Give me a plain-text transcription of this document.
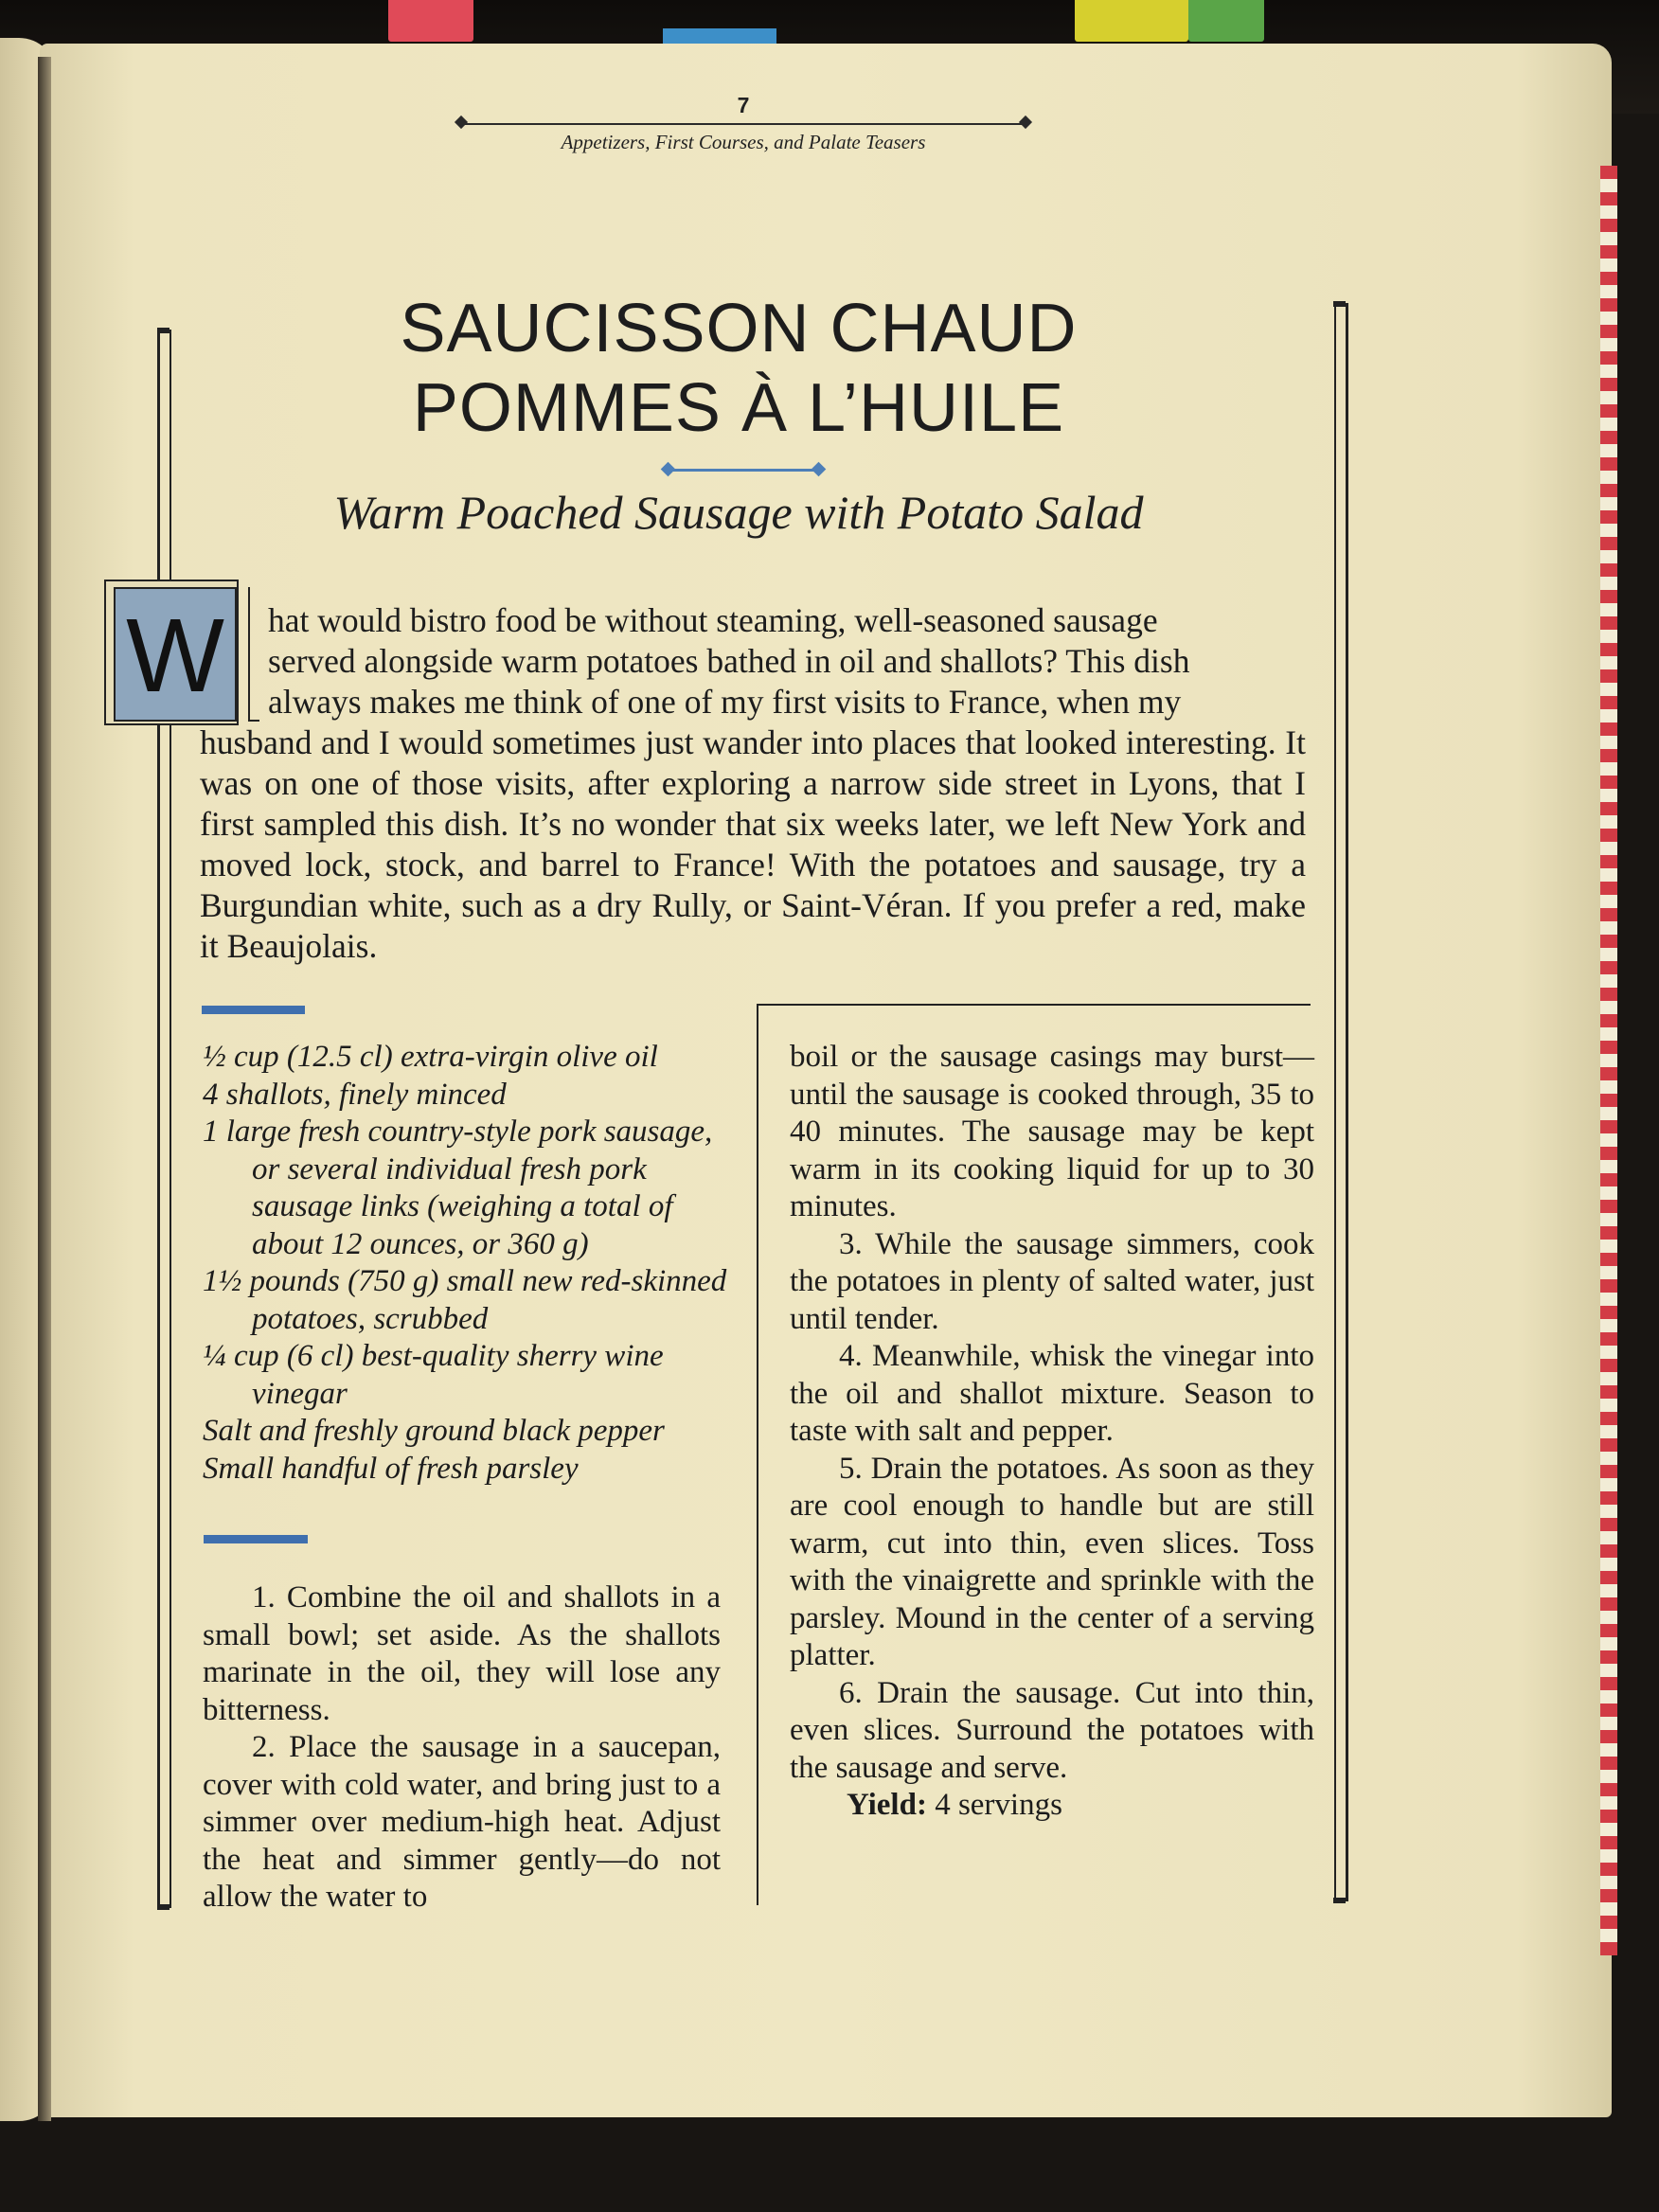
7
Appetizers, First Courses, and Palate Teasers
SAUCISSON CHAUD
POMMES À L’HUILE
Warm Poached Sausage with Potato Salad
W	hat would bistro food be without steaming, well-seasoned sausage

served alongside warm potatoes bathed in oil and shallots? This dish

always makes me think of one of my first visits to France, when my

husband and I would sometimes just wander into places that looked interesting. It was on one of those visits, after exploring a narrow side street in Lyons, that I first sampled this dish. It’s no wonder that six weeks later, we left New York and moved lock, stock, and barrel to France! With the potatoes and sausage, try a Burgundian white, such as a dry Rully, or Saint-Véran. If you prefer a red, make it Beaujolais.

½ cup (12.5 cl) extra-virgin olive oil
4 shallots, finely minced
1 large fresh country-style pork sausage, or several individual fresh pork sausage links (weighing a total of about 12 ounces, or 360 g)
1½ pounds (750 g) small new red-skinned potatoes, scrubbed
¼ cup (6 cl) best-quality sherry wine vinegar
Salt and freshly ground black pepper
Small handful of fresh parsley

1. Combine the oil and shallots in a small bowl; set aside. As the shallots marinate in the oil, they will lose any bitterness.

2. Place the sausage in a saucepan, cover with cold water, and bring just to a simmer over medium-high heat. Adjust the heat and simmer gently—do not allow the water to

boil or the sausage casings may burst—until the sausage is cooked through, 35 to 40 minutes. The sausage may be kept warm in its cooking liquid for up to 30 minutes.

3. While the sausage simmers, cook the potatoes in plenty of salted water, just until tender.

4. Meanwhile, whisk the vinegar into the oil and shallot mixture. Season to taste with salt and pepper.

5. Drain the potatoes. As soon as they are cool enough to handle but are still warm, cut into thin, even slices. Toss with the vinaigrette and sprinkle with the parsley. Mound in the center of a serving platter.

6. Drain the sausage. Cut into thin, even slices. Surround the potatoes with the sausage and serve.

Yield: 4 servings
